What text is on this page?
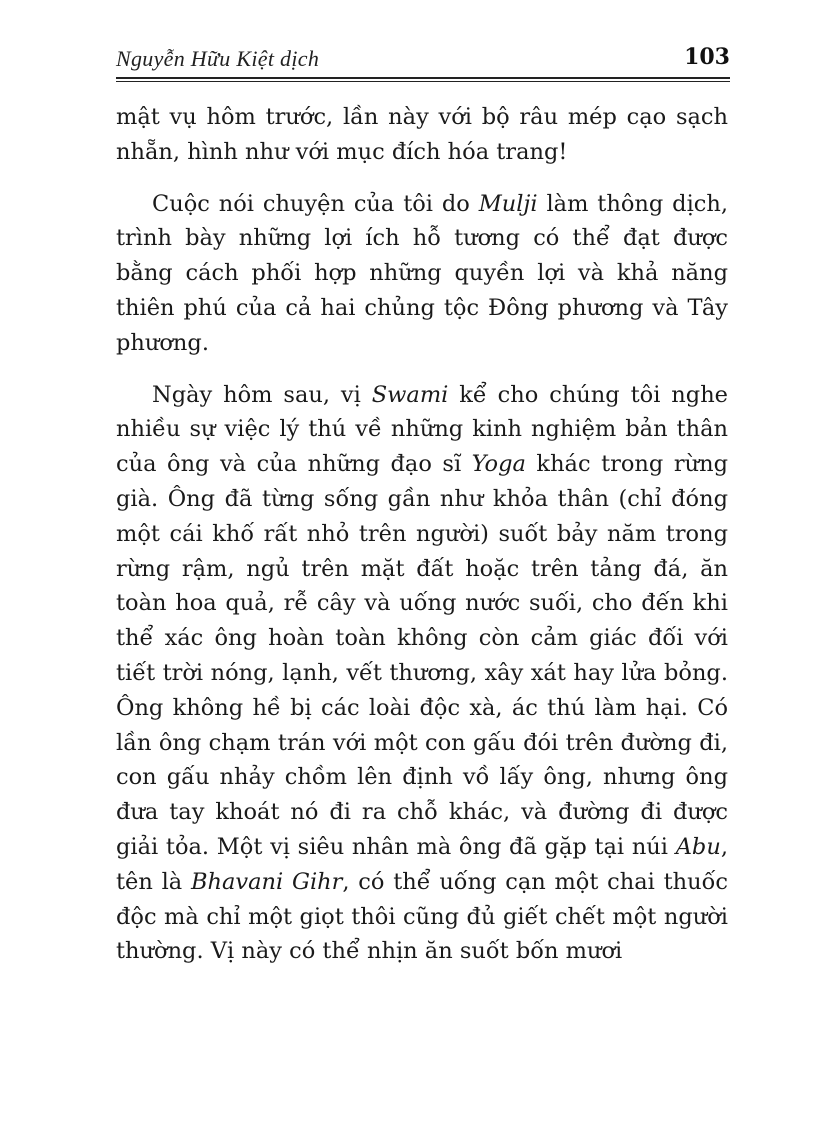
Nguyễn Hữu Kiệt dịch	103

mật vụ hôm trước, lần này với bộ râu mép cạo sạch nhẵn, hình như với mục đích hóa trang!

Cuộc nói chuyện của tôi do Mulji làm thông dịch, trình bày những lợi ích hỗ tương có thể đạt được bằng cách phối hợp những quyền lợi và khả năng thiên phú của cả hai chủng tộc Đông phương và Tây phương.

Ngày hôm sau, vị Swami kể cho chúng tôi nghe nhiều sự việc lý thú về những kinh nghiệm bản thân của ông và của những đạo sĩ Yoga khác trong rừng già. Ông đã từng sống gần như khỏa thân (chỉ đóng một cái khố rất nhỏ trên người) suốt bảy năm trong rừng rậm, ngủ trên mặt đất hoặc trên tảng đá, ăn toàn hoa quả, rễ cây và uống nước suối, cho đến khi thể xác ông hoàn toàn không còn cảm giác đối với tiết trời nóng, lạnh, vết thương, xây xát hay lửa bỏng. Ông không hề bị các loài độc xà, ác thú làm hại. Có lần ông chạm trán với một con gấu đói trên đường đi, con gấu nhảy chồm lên định vồ lấy ông, nhưng ông đưa tay khoát nó đi ra chỗ khác, và đường đi được giải tỏa. Một vị siêu nhân mà ông đã gặp tại núi Abu, tên là Bhavani Gihr, có thể uống cạn một chai thuốc độc mà chỉ một giọt thôi cũng đủ giết chết một người thường. Vị này có thể nhịn ăn suốt bốn mươi
